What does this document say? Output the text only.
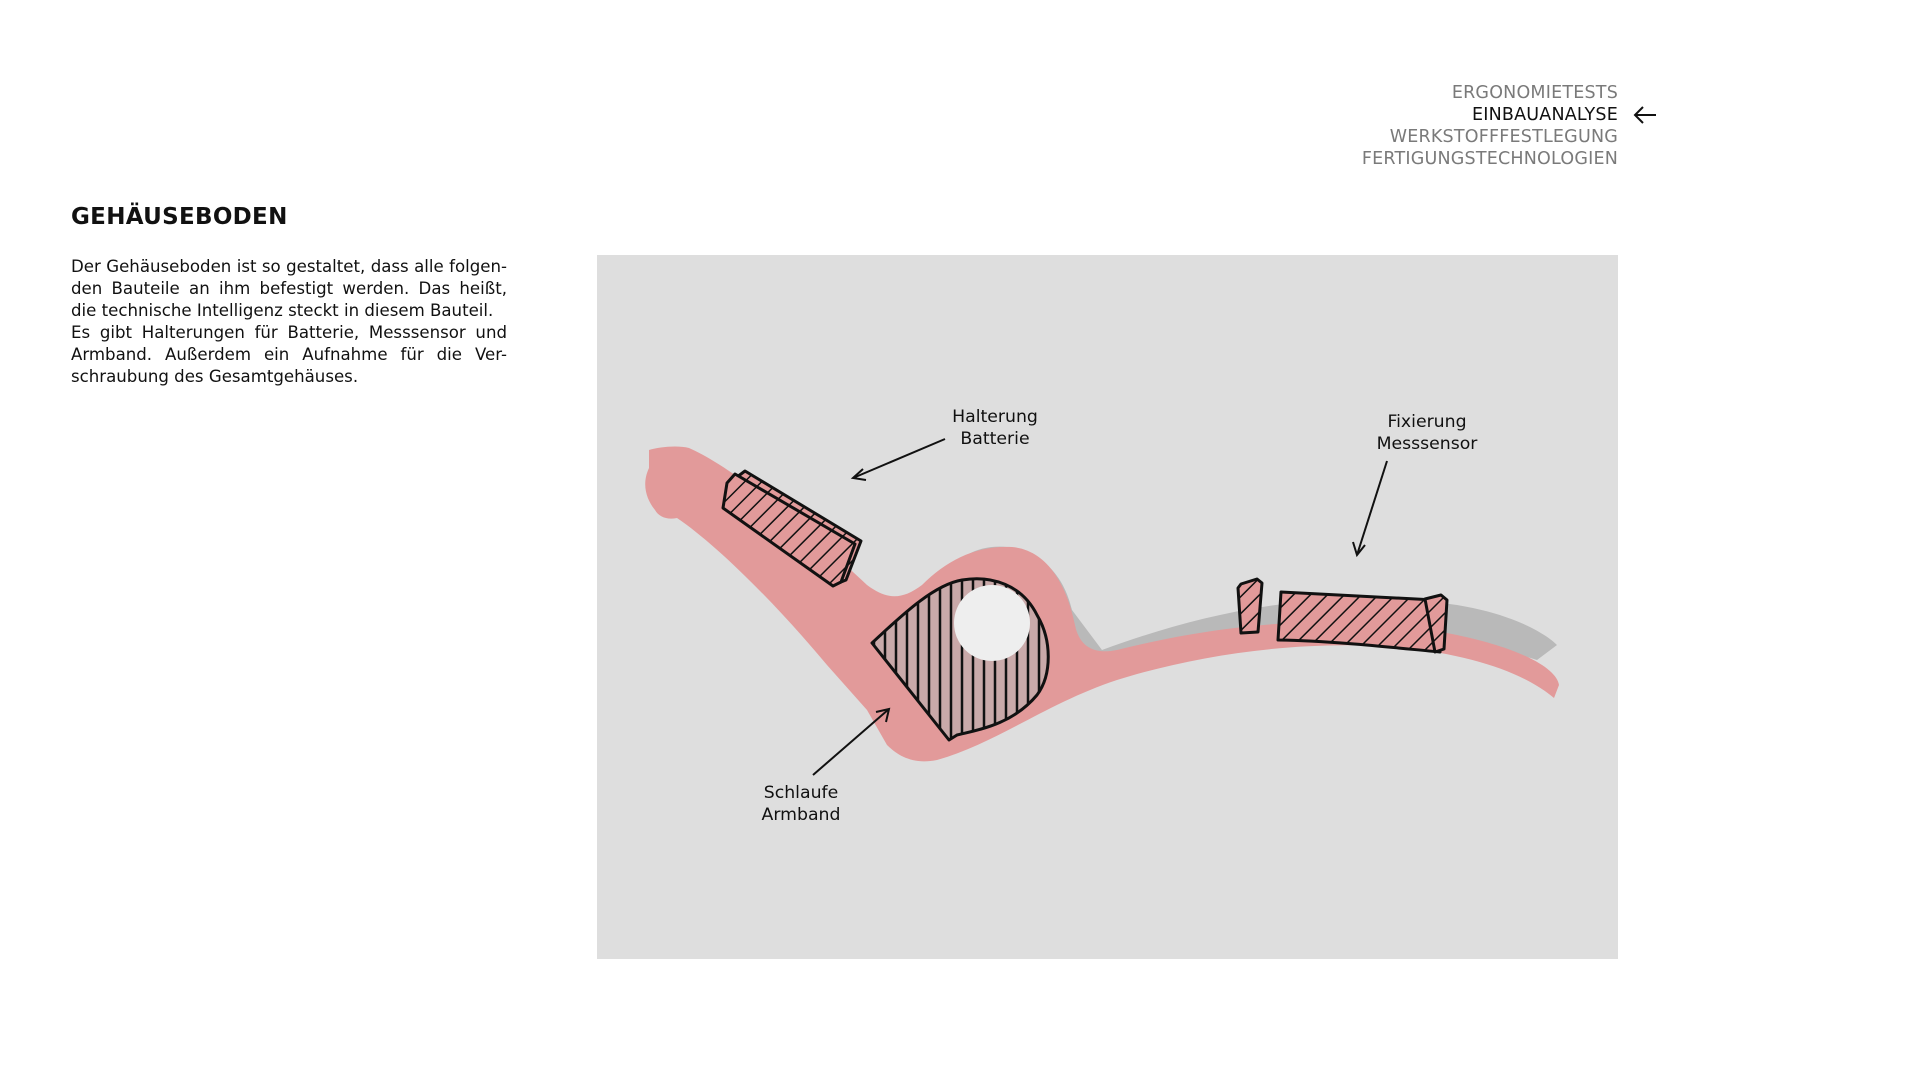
ERGONOMIETESTS
EINBAUANALYSE
WERKSTOFFFESTLEGUNG
FERTIGUNGSTECHNOLOGIEN
GEHÄUSEBODEN

Der Gehäuseboden ist so gestaltet, dass alle folgen-den Bauteile an ihm befestigt werden. Das heißt, die technische Intelligenz steckt in diesem Bauteil.

Es gibt Halterungen für Batterie, Messsensor und Armband. Außerdem ein Aufnahme für die Ver-schraubung des Gesamtgehäuses.

Halterung
Batterie
Fixierung
Messsensor
Schlaufe
Armband
